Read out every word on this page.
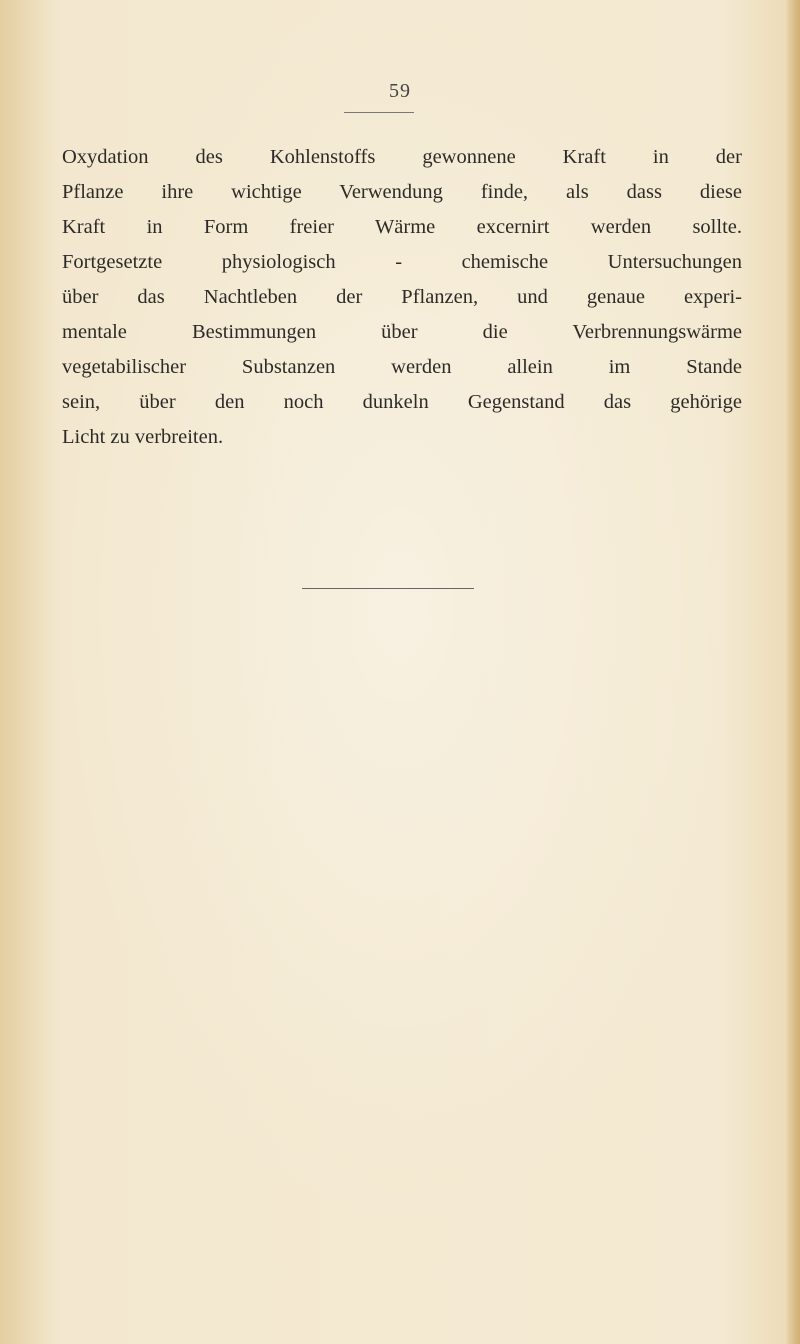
59
Oxydation des Kohlenstoffs gewonnene Kraft in der
Pflanze ihre wichtige Verwendung finde, als dass diese
Kraft in Form freier Wärme excernirt werden sollte.
Fortgesetzte physiologisch - chemische Untersuchungen
über das Nachtleben der Pflanzen, und genaue experi-
mentale Bestimmungen über die Verbrennungswärme
vegetabilischer Substanzen werden allein im Stande
sein, über den noch dunkeln Gegenstand das gehörige
Licht zu verbreiten.
